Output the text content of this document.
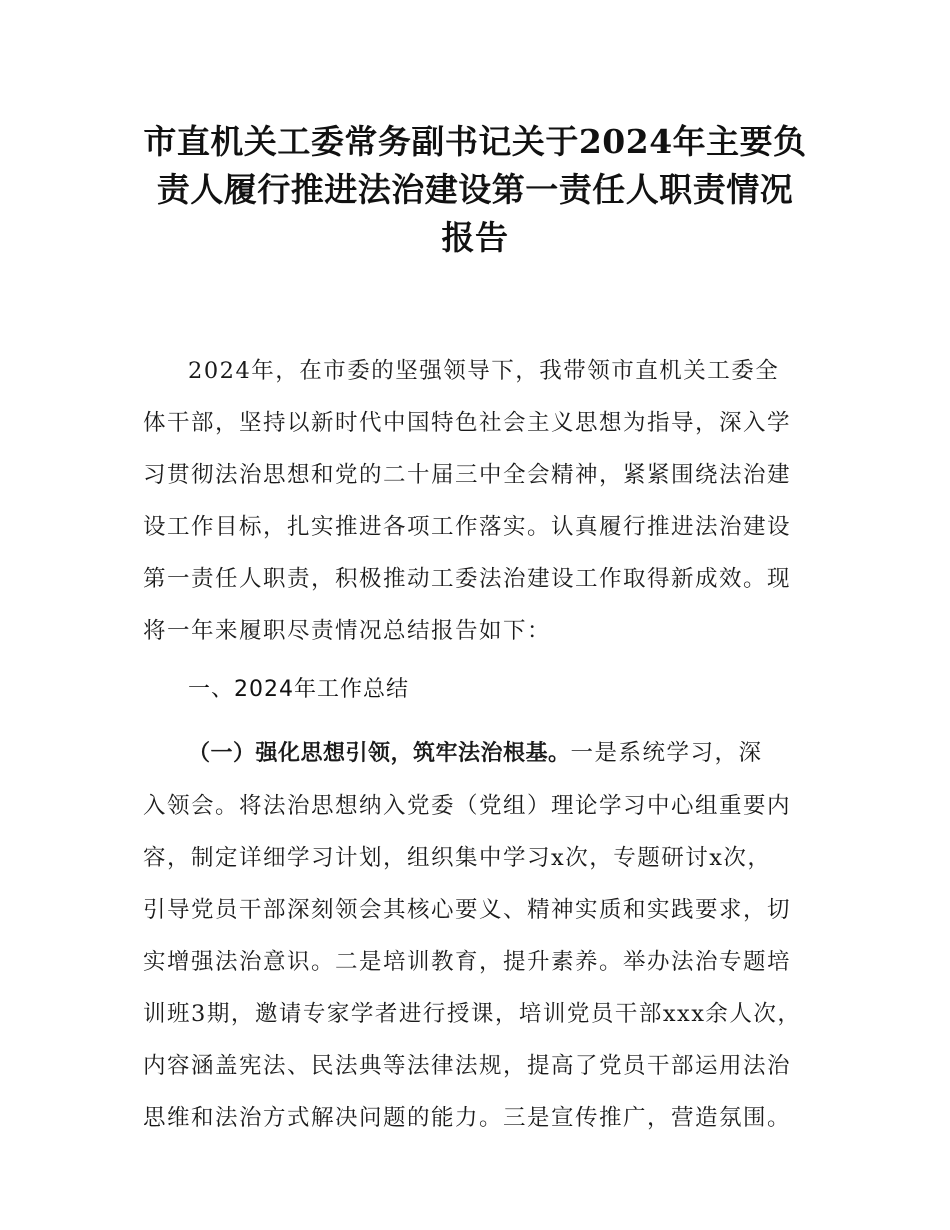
市直机关工委常务副书记关于2024年主要负
责人履行推进法治建设第一责任人职责情况
报告
2024年，在市委的坚强领导下，我带领市直机关工委全
体干部，坚持以新时代中国特色社会主义思想为指导，深入学
习贯彻法治思想和党的二十届三中全会精神，紧紧围绕法治建
设工作目标，扎实推进各项工作落实。认真履行推进法治建设
第一责任人职责，积极推动工委法治建设工作取得新成效。现
将一年来履职尽责情况总结报告如下：
一、2024年工作总结
（一）强化思想引领，筑牢法治根基。一是系统学习，深
入领会。将法治思想纳入党委（党组）理论学习中心组重要内
容，制定详细学习计划，组织集中学习x次，专题研讨x次，
引导党员干部深刻领会其核心要义、精神实质和实践要求，切
实增强法治意识。二是培训教育，提升素养。举办法治专题培
训班3期，邀请专家学者进行授课，培训党员干部xxx余人次，
内容涵盖宪法、民法典等法律法规，提高了党员干部运用法治
思维和法治方式解决问题的能力。三是宣传推广，营造氛围。
